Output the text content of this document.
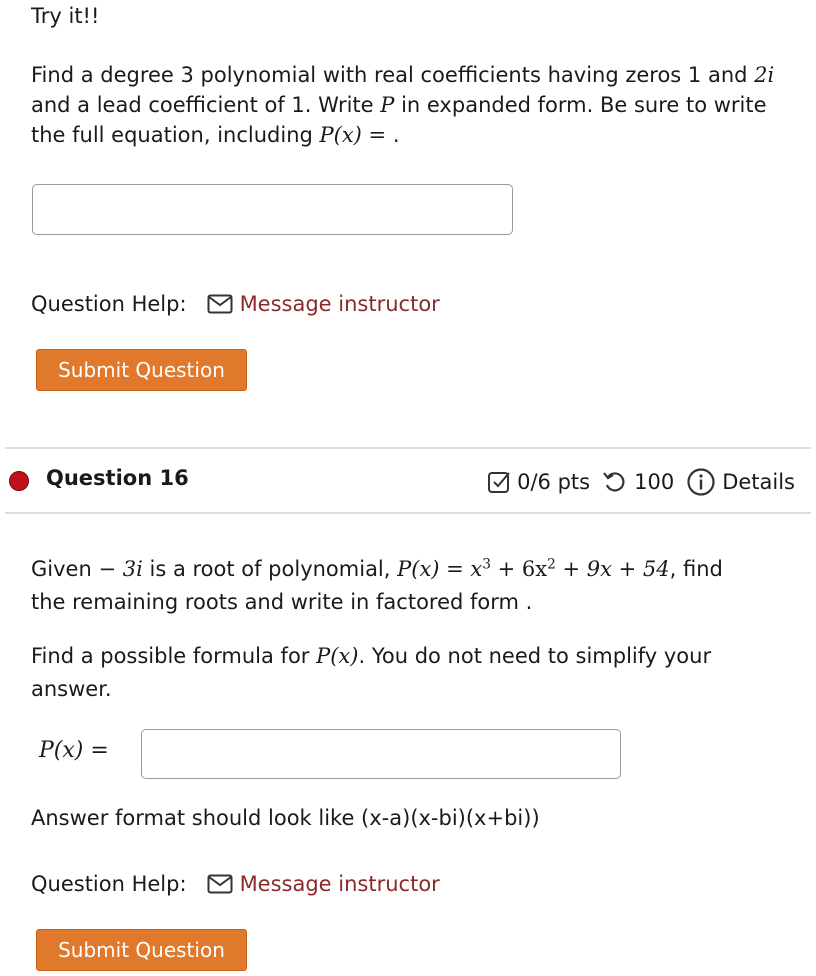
Try it!!
Find a degree 3 polynomial with real coefficients having zeros 1 and 2i
and a lead coefficient of 1. Write P in expanded form. Be sure to write
the full equation, including P(x) = .
Question Help:	Message instructor
Submit Question
Question 16	0/6 pts 100 Details
Given − 3i is a root of polynomial, $P(x) = x^3 + 6x^2 + 9x + 54$, find
the remaining roots and write in factored form .
Find a possible formula for P(x). You do not need to simplify your
answer.
P(x) =
Answer format should look like (x-a)(x-bi)(x+bi))
Question Help:	Message instructor
Submit Question
